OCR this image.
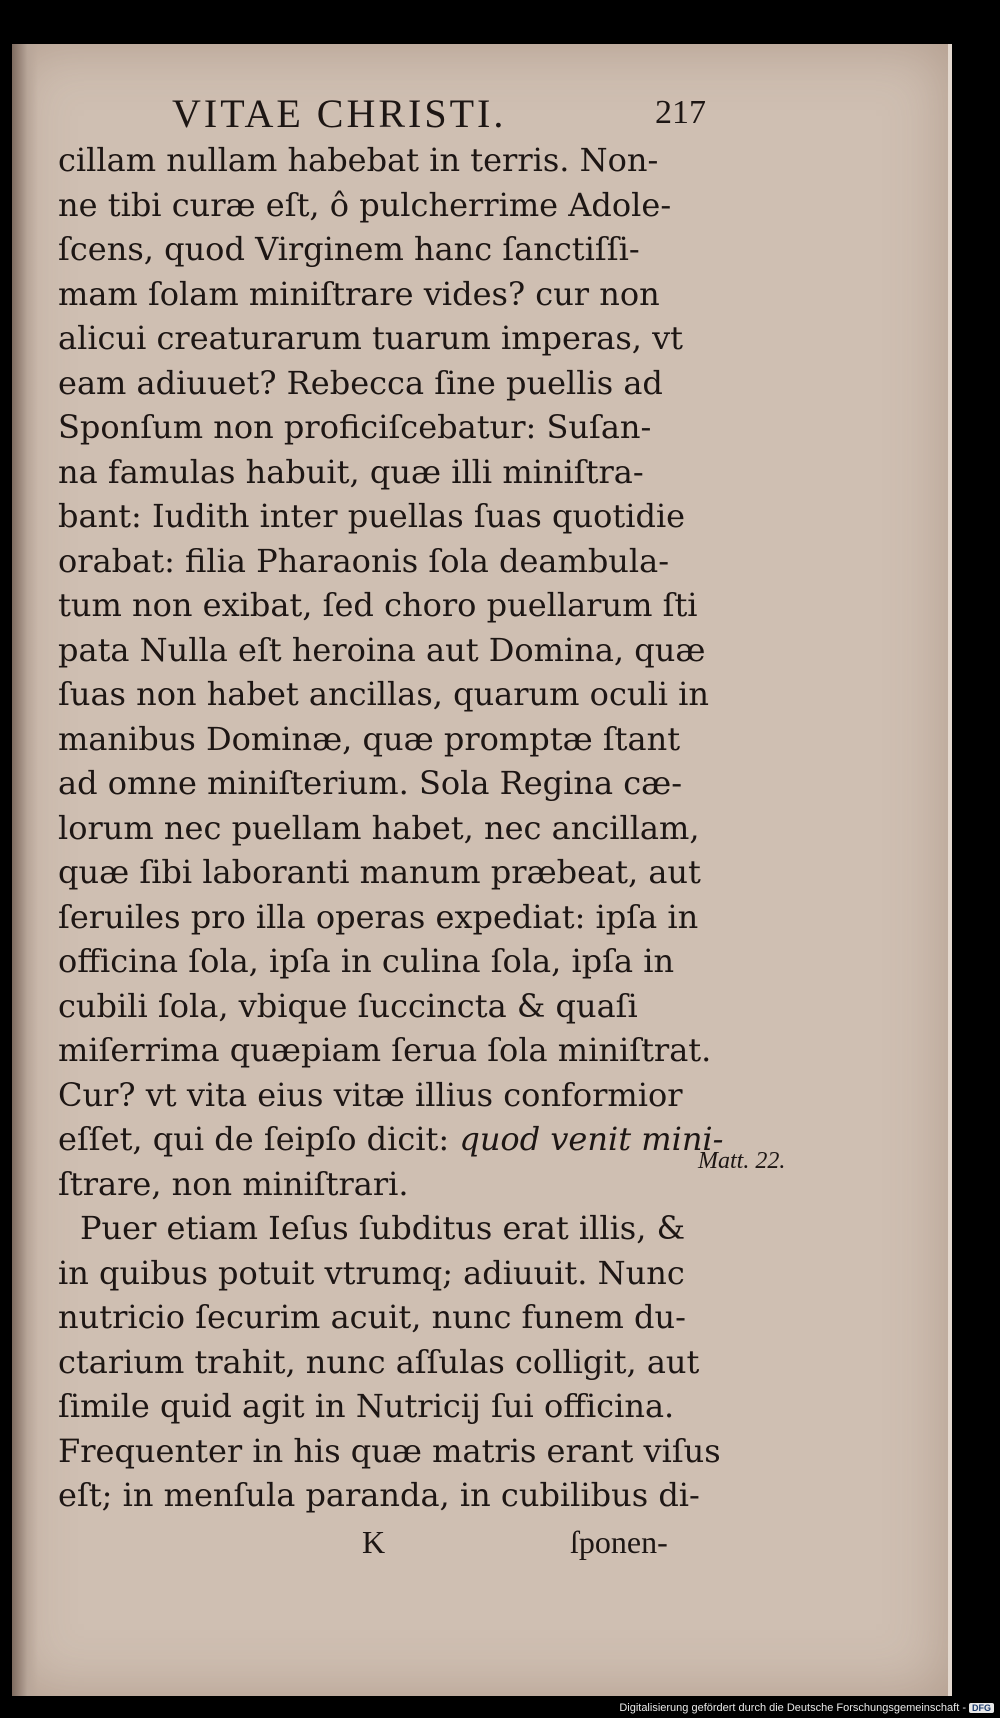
VITAE CHRISTI.	217
cillam nullam habebat in terris. Non-
ne tibi curæ eſt, ô pulcherrime Adole-
ſcens, quod Virginem hanc ſanctiſſi-
mam ſolam miniſtrare vides? cur non
alicui creaturarum tuarum imperas, vt
eam adiuuet? Rebecca ſine puellis ad
Sponſum non proficiſcebatur: Suſan-
na famulas habuit, quæ illi miniſtra-
bant: Iudith inter puellas ſuas quotidie
orabat: filia Pharaonis ſola deambula-
tum non exibat, ſed choro puellarum ſti
pata Nulla eſt heroina aut Domina, quæ
ſuas non habet ancillas, quarum oculi in
manibus Dominæ, quæ promptæ ſtant
ad omne miniſterium. Sola Regina cæ-
lorum nec puellam habet, nec ancillam,
quæ ſibi laboranti manum præbeat, aut
ſeruiles pro illa operas expediat: ipſa in
officina ſola, ipſa in culina ſola, ipſa in
cubili ſola, vbique ſuccincta & quaſi
miſerrima quæpiam ſerua ſola miniſtrat.
Cur? vt vita eius vitæ illius conformior
eſſet, qui de ſeipſo dicit: quod venit mini-
ſtrare, non miniſtrari.
Puer etiam Ieſus ſubditus erat illis, &
in quibus potuit vtrumq; adiuuit. Nunc
nutricio ſecurim acuit, nunc funem du-
ctarium trahit, nunc aſſulas colligit, aut
ſimile quid agit in Nutricij ſui officina.
Frequenter in his quæ matris erant viſus
eſt; in menſula paranda, in cubilibus di-
K	ſponen-
Matt. 22.
Digitalisierung gefördert durch die Deutsche Forschungsgemeinschaft - DFG
